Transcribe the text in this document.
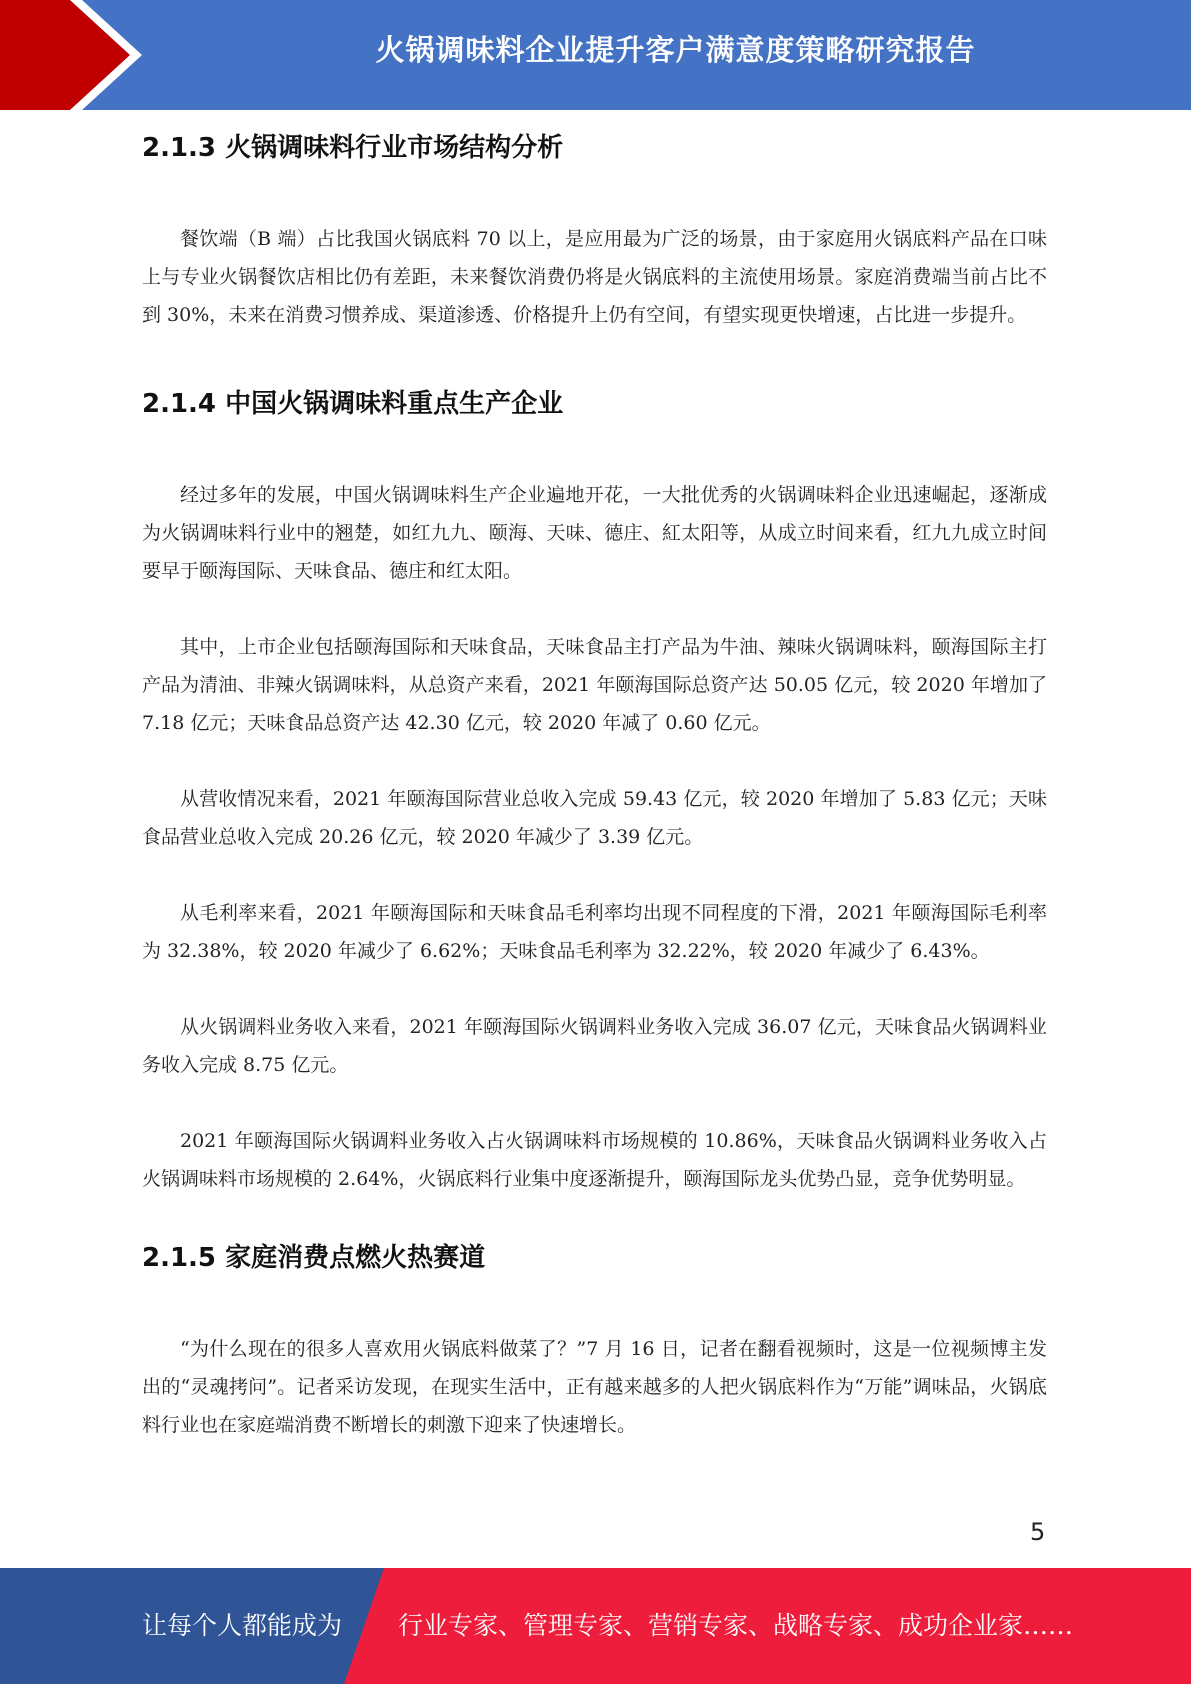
火锅调味料企业提升客户满意度策略研究报告
2.1.3 火锅调味料行业市场结构分析

餐饮端（B 端）占比我国火锅底料 70 以上，是应用最为广泛的场景，由于家庭用火锅底料产品在口味上与专业火锅餐饮店相比仍有差距，未来餐饮消费仍将是火锅底料的主流使用场景。家庭消费端当前占比不到 30%，未来在消费习惯养成、渠道渗透、价格提升上仍有空间，有望实现更快增速，占比进一步提升。

2.1.4 中国火锅调味料重点生产企业

经过多年的发展，中国火锅调味料生产企业遍地开花，一大批优秀的火锅调味料企业迅速崛起，逐渐成为火锅调味料行业中的翘楚，如红九九、颐海、天味、德庄、紅太阳等，从成立时间来看，红九九成立时间要早于颐海国际、天味食品、德庄和红太阳。

其中，上市企业包括颐海国际和天味食品，天味食品主打产品为牛油、辣味火锅调味料，颐海国际主打产品为清油、非辣火锅调味料，从总资产来看，2021 年颐海国际总资产达 50.05 亿元，较 2020 年增加了 7.18 亿元；天味食品总资产达 42.30 亿元，较 2020 年减了 0.60 亿元。

从营收情况来看，2021 年颐海国际营业总收入完成 59.43 亿元，较 2020 年增加了 5.83 亿元；天味食品营业总收入完成 20.26 亿元，较 2020 年减少了 3.39 亿元。

从毛利率来看，2021 年颐海国际和天味食品毛利率均出现不同程度的下滑，2021 年颐海国际毛利率为 32.38%，较 2020 年减少了 6.62%；天味食品毛利率为 32.22%，较 2020 年减少了 6.43%。

从火锅调料业务收入来看，2021 年颐海国际火锅调料业务收入完成 36.07 亿元，天味食品火锅调料业务收入完成 8.75 亿元。

2021 年颐海国际火锅调料业务收入占火锅调味料市场规模的 10.86%，天味食品火锅调料业务收入占火锅调味料市场规模的 2.64%，火锅底料行业集中度逐渐提升，颐海国际龙头优势凸显，竞争优势明显。

2.1.5 家庭消费点燃火热赛道

“为什么现在的很多人喜欢用火锅底料做菜了？”7 月 16 日，记者在翻看视频时，这是一位视频博主发出的“灵魂拷问”。记者采访发现，在现实生活中，正有越来越多的人把火锅底料作为“万能”调味品，火锅底料行业也在家庭端消费不断增长的刺激下迎来了快速增长。

5
让每个人都能成为 行业专家、管理专家、营销专家、战略专家、成功企业家……
